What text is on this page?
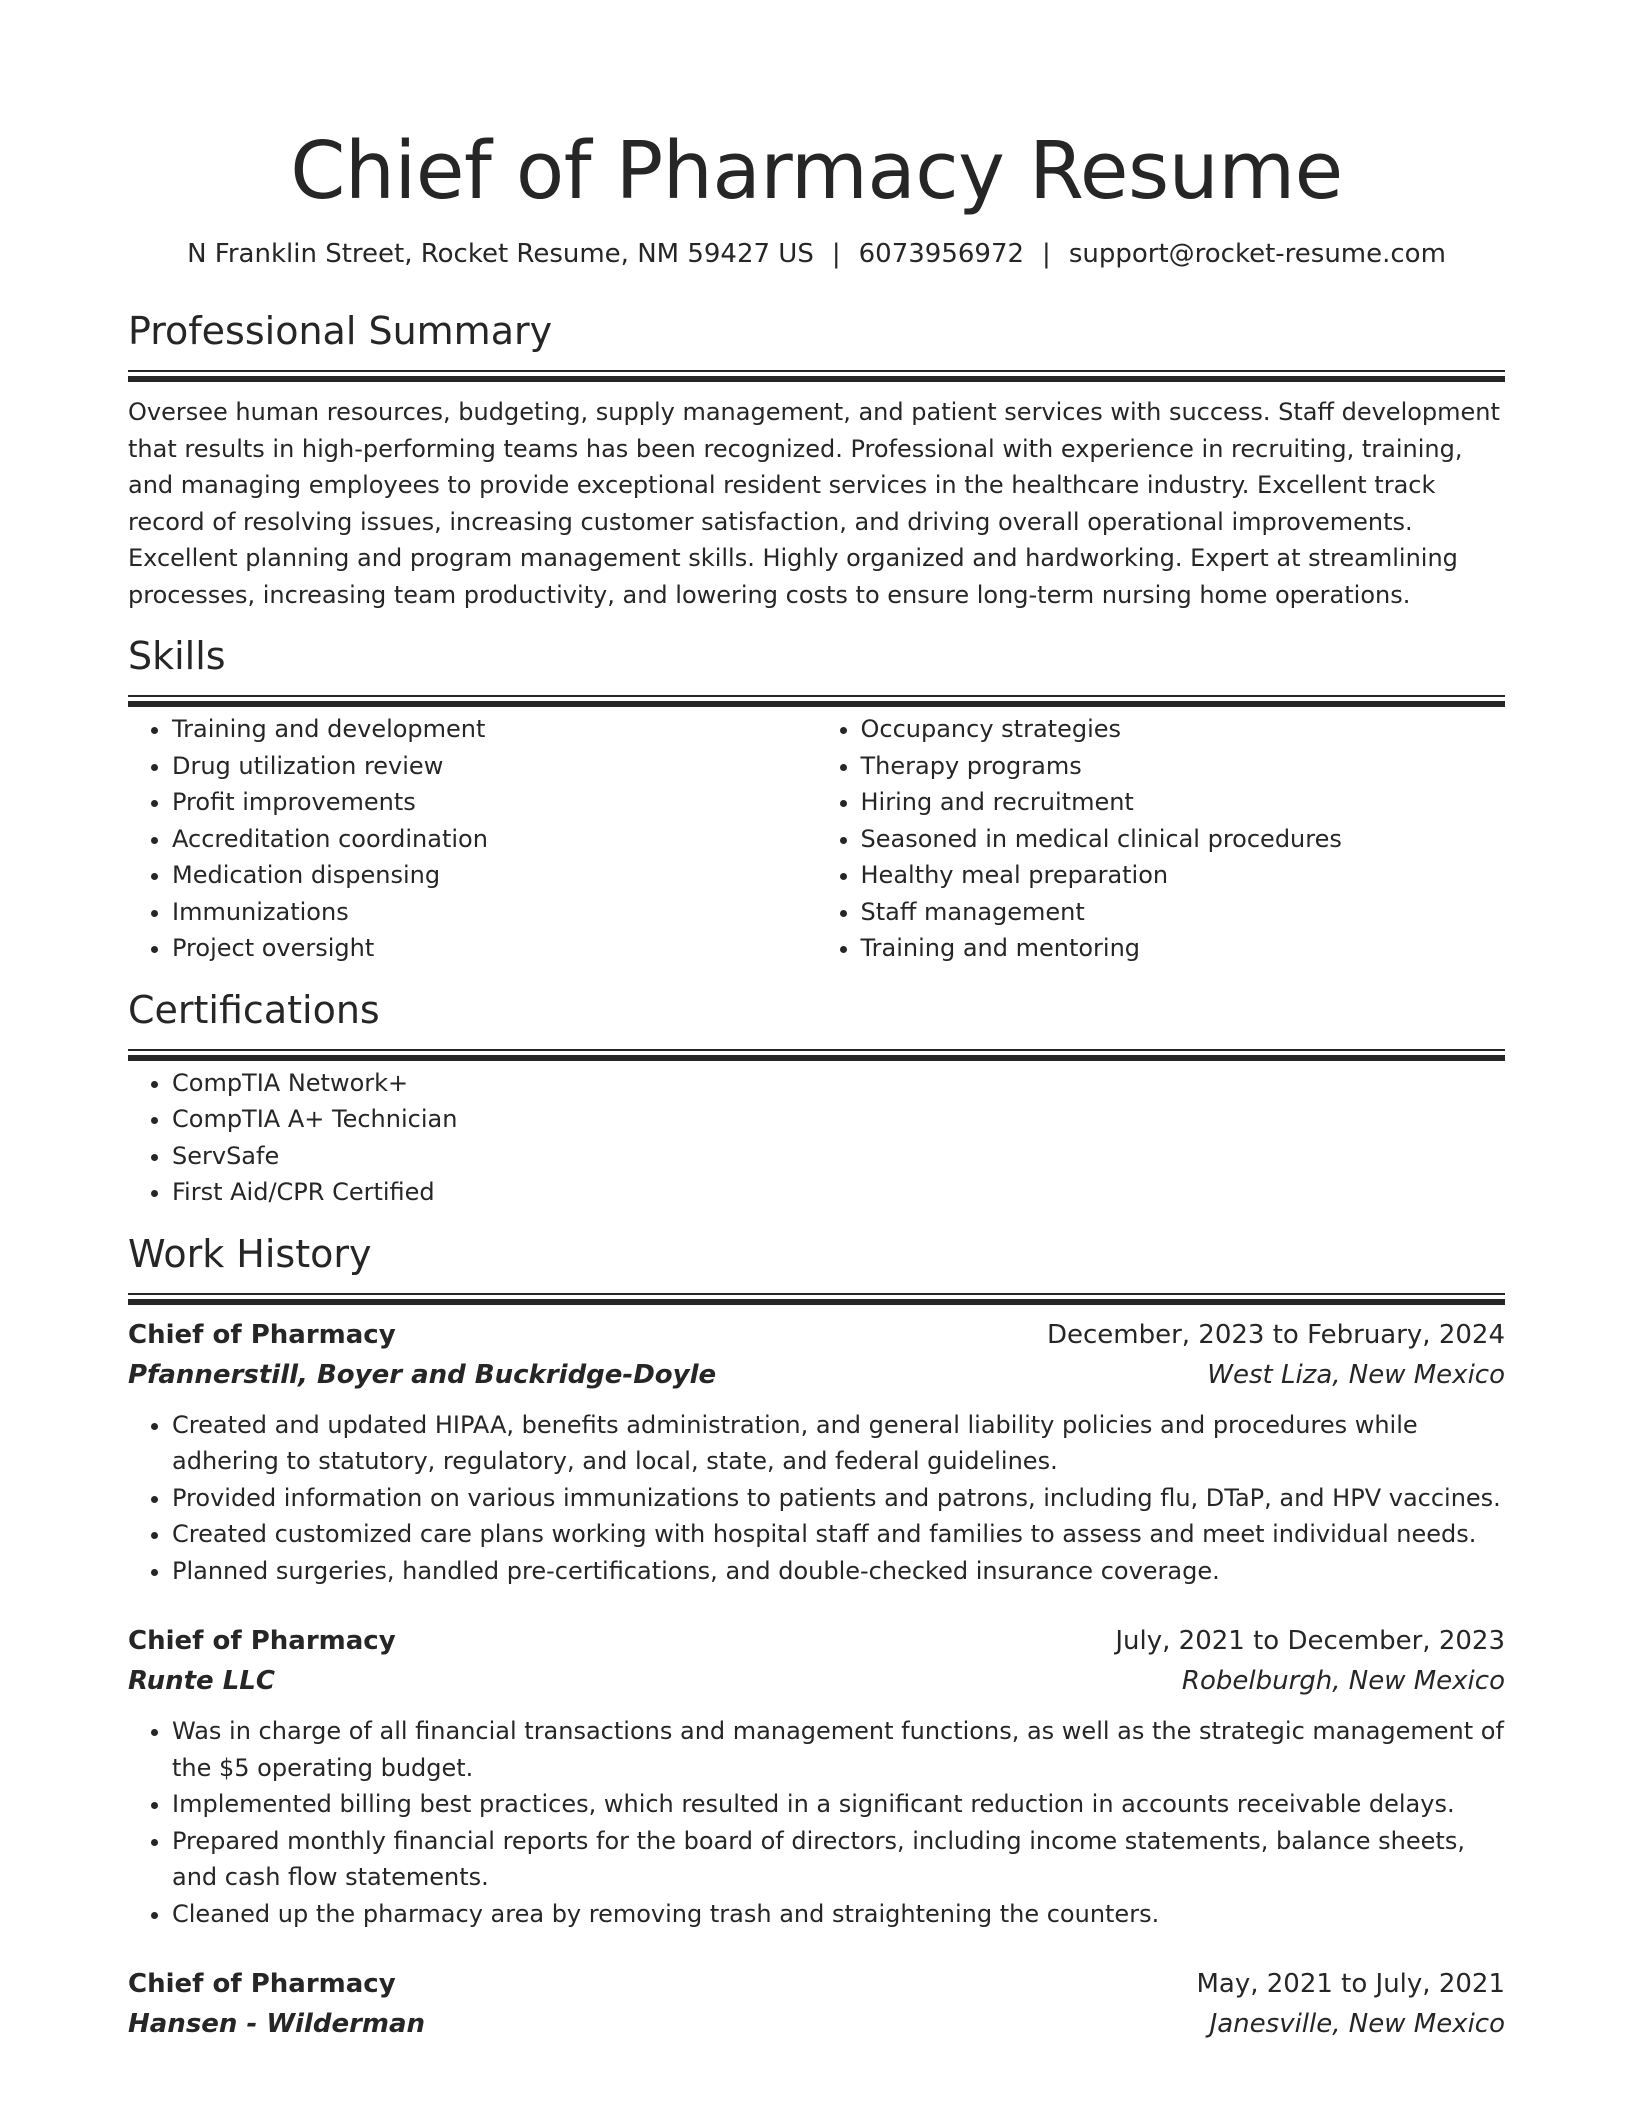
Chief of Pharmacy Resume
N Franklin Street, Rocket Resume, NM 59427 US | 6073956972 | support@rocket-resume.com
Professional Summary

Oversee human resources, budgeting, supply management, and patient services with success. Staff development that results in high-performing teams has been recognized. Professional with experience in recruiting, training, and managing employees to provide exceptional resident services in the healthcare industry. Excellent track record of resolving issues, increasing customer satisfaction, and driving overall operational improvements. Excellent planning and program management skills. Highly organized and hardworking. Expert at streamlining processes, increasing team productivity, and lowering costs to ensure long-term nursing home operations.

Skills
• Training and development
• Drug utilization review
• Profit improvements
• Accreditation coordination
• Medication dispensing
• Immunizations
• Project oversight
• Occupancy strategies
• Therapy programs
• Hiring and recruitment
• Seasoned in medical clinical procedures
• Healthy meal preparation
• Staff management
• Training and mentoring
Certifications
• CompTIA Network+
• CompTIA A+ Technician
• ServSafe
• First Aid/CPR Certified
Work History
Chief of Pharmacy	December, 2023 to February, 2024
Pfannerstill, Boyer and Buckridge-Doyle	West Liza, New Mexico
• Created and updated HIPAA, benefits administration, and general liability policies and procedures while adhering to statutory, regulatory, and local, state, and federal guidelines.
• Provided information on various immunizations to patients and patrons, including flu, DTaP, and HPV vaccines.
• Created customized care plans working with hospital staff and families to assess and meet individual needs.
• Planned surgeries, handled pre-certifications, and double-checked insurance coverage.
Chief of Pharmacy	July, 2021 to December, 2023
Runte LLC	Robelburgh, New Mexico
• Was in charge of all financial transactions and management functions, as well as the strategic management of the $5 operating budget.
• Implemented billing best practices, which resulted in a significant reduction in accounts receivable delays.
• Prepared monthly financial reports for the board of directors, including income statements, balance sheets, and cash flow statements.
• Cleaned up the pharmacy area by removing trash and straightening the counters.
Chief of Pharmacy	May, 2021 to July, 2021
Hansen - Wilderman	Janesville, New Mexico
